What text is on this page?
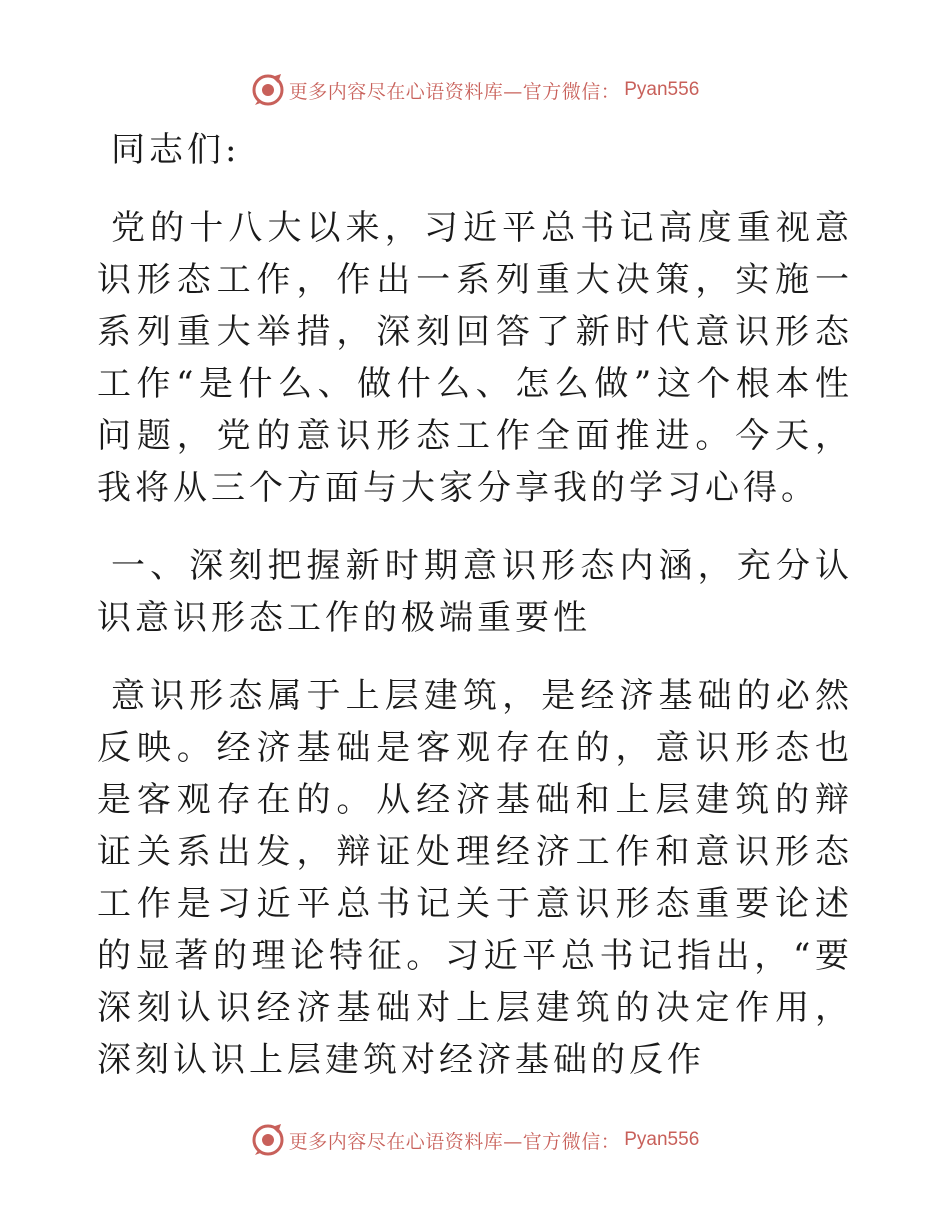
更多内容尽在心语资料库—官方微信： Pyan556

同志们:

党的十八大以来，习近平总书记高度重视意识形态工作，作出一系列重大决策，实施一系列重大举措，深刻回答了新时代意识形态工作“是什么、做什么、怎么做”这个根本性问题，党的意识形态工作全面推进。今天，我将从三个方面与大家分享我的学习心得。

一、深刻把握新时期意识形态内涵，充分认识意识形态工作的极端重要性

意识形态属于上层建筑，是经济基础的必然反映。经济基础是客观存在的，意识形态也是客观存在的。从经济基础和上层建筑的辩证关系出发，辩证处理经济工作和意识形态工作是习近平总书记关于意识形态重要论述的显著的理论特征。习近平总书记指出，“要深刻认识经济基础对上层建筑的决定作用，深刻认识上层建筑对经济基础的反作

更多内容尽在心语资料库—官方微信： Pyan556
